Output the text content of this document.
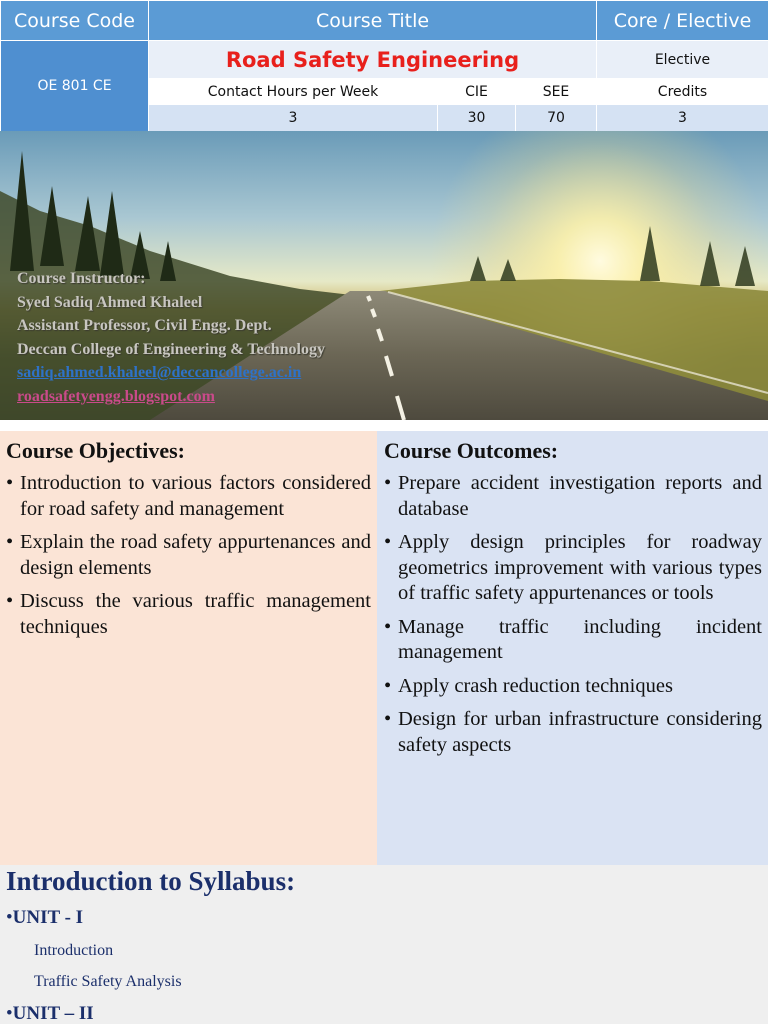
Course Code	Course Title			Core / Elective
OE 801 CE	Road Safety Engineering			Elective
	Contact Hours per Week	CIE	SEE	Credits
	3	30	70	3
Course Instructor:
Syed Sadiq Ahmed Khaleel
Assistant Professor, Civil Engg. Dept.
Deccan College of Engineering & Technology
sadiq.ahmed.khaleel@deccancollege.ac.in
roadsafetyengg.blogspot.com
Course Objectives:
• Introduction to various factors considered for road safety and management
• Explain the road safety appurtenances and design elements
• Discuss the various traffic management techniques
Course Outcomes:
• Prepare accident investigation reports and database
• Apply design principles for roadway geometrics improvement with various types of traffic safety appurtenances or tools
• Manage traffic including incident management
• Apply crash reduction techniques
• Design for urban infrastructure considering safety aspects
Introduction to Syllabus:
• UNIT - I
Introduction
Traffic Safety Analysis
• UNIT – II
